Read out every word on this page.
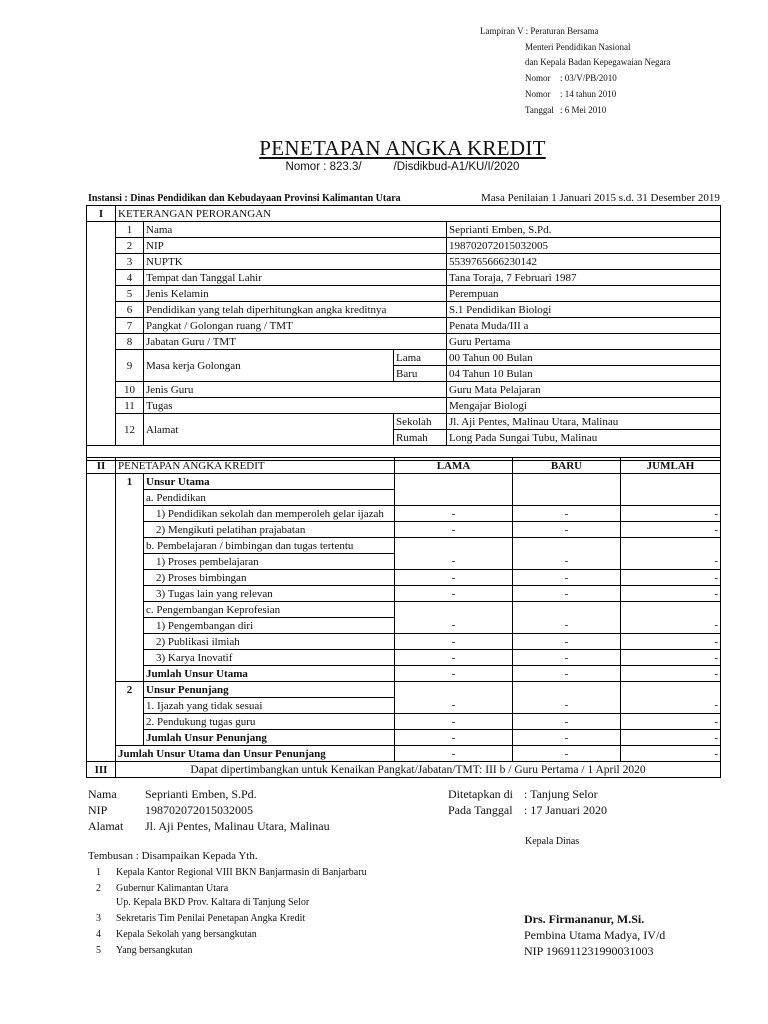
Lampiran V : Peraturan Bersama
Menteri Pendidikan Nasional
dan Kepala Badan Kepegawaian Negara
Nomor : 03/V/PB/2010
Nomor : 14 tahun 2010
Tanggal : 6 Mei 2010
PENETAPAN ANGKA KREDIT
Nomor : 823.3/          /Disdikbud-A1/KU/I/2020
Instansi : Dinas Pendidikan dan Kebudayaan Provinsi Kalimantan Utara	Masa Penilaian 1 Januari 2015 s.d. 31 Desember 2019
I	KETERANGAN PERORANGAN			
	1	Nama		Seprianti Emben, S.Pd.
	2	NIP		198702072015032005
	3	NUPTK		5539765666230142
	4	Tempat dan Tanggal Lahir		Tana Toraja, 7 Februari 1987
	5	Jenis Kelamin		Perempuan
	6	Pendidikan yang telah diperhitungkan angka kreditnya		S.1 Pendidikan Biologi
	7	Pangkat / Golongan ruang / TMT		Penata Muda/III a
	8	Jabatan Guru / TMT		Guru Pertama
	9	Masa kerja Golongan	Lama	00 Tahun 00 Bulan
			Baru	04 Tahun 10 Bulan
	10	Jenis Guru		Guru Mata Pelajaran
	11	Tugas		Mengajar Biologi
	12	Alamat	Sekolah	Jl. Aji Pentes, Malinau Utara, Malinau
			Rumah	Long Pada Sungai Tubu, Malinau

II	PENETAPAN ANGKA KREDIT		LAMA	BARU	JUMLAH
	1	Unsur Utama			
		a. Pendidikan			
		1) Pendidikan sekolah dan memperoleh gelar ijazah	-	-	-
		2) Mengikuti pelatihan prajabatan	-	-	-
		b. Pembelajaran / bimbingan dan tugas tertentu			
		1) Proses pembelajaran	-	-	-
		2) Proses bimbingan	-	-	-
		3) Tugas lain yang relevan	-	-	-
		c. Pengembangan Keprofesian			
		1) Pengembangan diri	-	-	-
		2) Publikasi ilmiah	-	-	-
		3) Karya Inovatif	-	-	-
		Jumlah Unsur Utama	-	-	-
	2	Unsur Penunjang			
		1. Ijazah yang tidak sesuai	-	-	-
		2. Pendukung tugas guru	-	-	-
		Jumlah Unsur Penunjang	-	-	-
	Jumlah Unsur Utama dan Unsur Penunjang		-	-	-
III	Dapat dipertimbangkan untuk Kenaikan Pangkat/Jabatan/TMT: III b / Guru Pertama / 1 April 2020				
Nama Seprianti Emben, S.Pd.
NIP	198702072015032005
Alamat Jl. Aji Pentes, Malinau Utara, Malinau
Ditetapkan di : Tanjung Selor
Pada Tanggal : 17 Januari 2020
Kepala Dinas
Tembusan : Disampaikan Kepada Yth.
1 Kepala Kantor Regional VIII BKN Banjarmasin di Banjarbaru
2 Gubernur Kalimantan Utara
Up. Kepala BKD Prov. Kaltara di Tanjung Selor
3 Sekretaris Tim Penilai Penetapan Angka Kredit
4 Kepala Sekolah yang bersangkutan
5 Yang bersangkutan
Drs. Firmananur, M.Si.
Pembina Utama Madya, IV/d
NIP 196911231990031003
